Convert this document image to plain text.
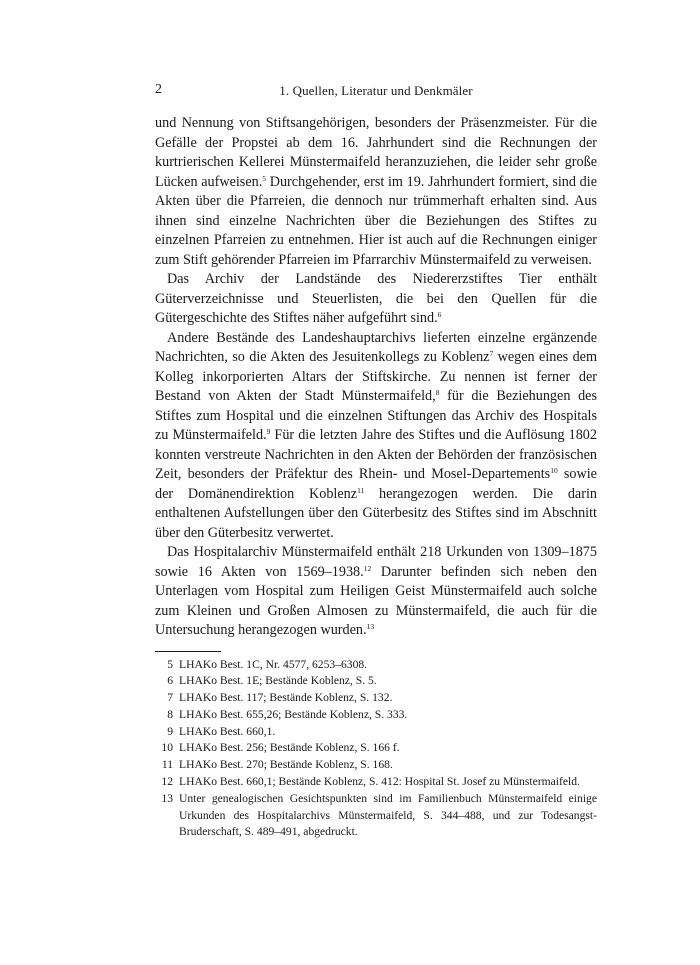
2	1. Quellen, Literatur und Denkmäler

und Nennung von Stiftsangehörigen, besonders der Präsenzmeister. Für die Gefälle der Propstei ab dem 16. Jahrhundert sind die Rechnungen der kurtrierischen Kellerei Münstermaifeld heranzuziehen, die leider sehr große Lücken aufweisen.$^5$ Durchgehender, erst im 19. Jahrhundert formiert, sind die Akten über die Pfarreien, die dennoch nur trümmerhaft erhalten sind. Aus ihnen sind einzelne Nachrichten über die Beziehungen des Stiftes zu einzelnen Pfarreien zu entnehmen. Hier ist auch auf die Rechnungen einiger zum Stift gehörender Pfarreien im Pfarrarchiv Münstermaifeld zu verweisen.

Das Archiv der Landstände des Niedererzstiftes Tier enthält Güterverzeichnisse und Steuerlisten, die bei den Quellen für die Gütergeschichte des Stiftes näher aufgeführt sind.$^6$

Andere Bestände des Landeshauptarchivs lieferten einzelne ergänzende Nachrichten, so die Akten des Jesuitenkollegs zu Koblenz$^7$ wegen eines dem Kolleg inkorporierten Altars der Stiftskirche. Zu nennen ist ferner der Bestand von Akten der Stadt Münstermaifeld,$^8$ für die Beziehungen des Stiftes zum Hospital und die einzelnen Stiftungen das Archiv des Hospitals zu Münstermaifeld.$^9$ Für die letzten Jahre des Stiftes und die Auflösung 1802 konnten verstreute Nachrichten in den Akten der Behörden der französischen Zeit, besonders der Präfektur des Rhein- und Mosel-Departements$^{10}$ sowie der Domänendirektion Koblenz$^{11}$ herangezogen werden. Die darin enthaltenen Aufstellungen über den Güterbesitz des Stiftes sind im Abschnitt über den Güterbesitz verwertet.

Das Hospitalarchiv Münstermaifeld enthält 218 Urkunden von 1309–1875 sowie 16 Akten von 1569–1938.12 Darunter befinden sich neben den Unterlagen vom Hospital zum Heiligen Geist Münstermaifeld auch solche zum Kleinen und Großen Almosen zu Münstermaifeld, die auch für die Untersuchung herangezogen wurden.$^{13}$

5 LHAKo Best. 1C, Nr. 4577, 6253–6308.
6 LHAKo Best. 1E; Bestände Koblenz, S. 5.
7 LHAKo Best. 117; Bestände Koblenz, S. 132.
8 LHAKo Best. 655,26; Bestände Koblenz, S. 333.
9 LHAKo Best. 660,1.
10 LHAKo Best. 256; Bestände Koblenz, S. 166 f.
11 LHAKo Best. 270; Bestände Koblenz, S. 168.
12 LHAKo Best. 660,1; Bestände Koblenz, S. 412: Hospital St. Josef zu Münstermaifeld.
13 Unter genealogischen Gesichtspunkten sind im Familienbuch Münstermaifeld einige Urkunden des Hospitalarchivs Münstermaifeld, S. 344–488, und zur Todesangst-Bruderschaft, S. 489–491, abgedruckt.
